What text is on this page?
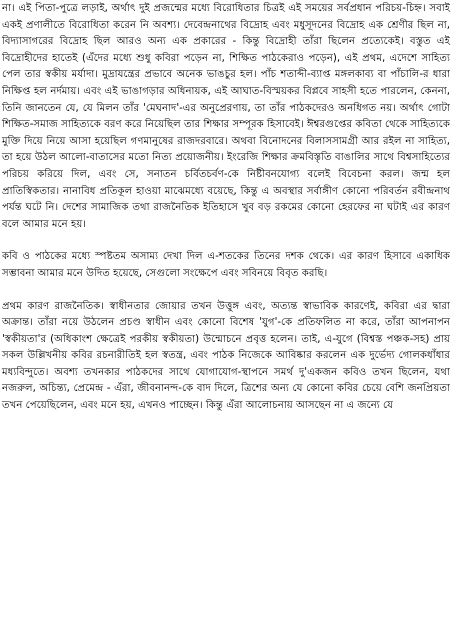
না। এই পিতা-পুত্রে লড়াই, অর্থাৎ দুই প্রজন্মের মধ্যে বিরোধিতার চিত্রই এই সময়ের সর্বপ্রধান পরিচয়-চিহ্ন। সবাই একই প্রণালীতে বিরোধিতা করেন নি অবশ্য। দেবেন্দ্রনাথের বিদ্রোহ এবং মধুসূদনের বিদ্রোহ এক শ্রেণীর ছিল না, বিদ্যাসাগরের বিদ্রোহ ছিল আরও অন্য এক প্রকারের - কিন্তু বিদ্রোহী তাঁরা ছিলেন প্রত্যেকেই। বস্তুত এই বিদ্রোহীদের হাতেই (এঁদের মধ্যে শুধু কবিরা পড়েন না, শিক্ষিত পাঠকেরাও পড়েন), এই প্রথম, এদেশে সাহিত্য পেল তার স্বকীয় মর্যাদা। মুদ্রাযন্ত্রের প্রভাবে অনেক ভাঙচুর হল। পাঁচ শতাব্দী-ব্যাপ্ত মঙ্গলকাব্য বা পাঁচালি-র ধারা নিক্ষিপ্ত হল নর্দমায়। এবং এই ভাঙাগড়ার অধিনায়ক, এই আঘাত-বিস্ময়কর বিপ্লবে সাহসী হতে পারলেন, কেননা, তিনি জানতেন যে, যে মিলন তাঁর 'মেঘনাদ'-এর অনুপ্রেরণায়, তা তাঁর পাঠকদেরও অনধিগত নয়। অর্থাৎ গোটা শিক্ষিত-সমাজ সাহিত্যকে বরণ করে নিয়েছিল তার শিক্ষার সম্পূরক হিসাবেই। ঈশ্বরগুপ্তের কবিতা থেকে সাহিত্যকে মুক্তি দিয়ে নিয়ে আসা হয়েছিল গণমানুষের রাজদরবারে। অথবা বিনোদনের বিলাসসামগ্রী আর রইল না সাহিত্য, তা হয়ে উঠল আলো-বাতাসের মতো নিত্য প্রয়োজনীয়। ইংরেজি শিক্ষার ক্রমবিস্তৃতি বাঙালির সাথে বিশ্বসাহিত্যের পরিচয় করিয়ে দিল, এবং সে, সনাতন চর্বিতচর্বণ-কে নিষ্টীবনযোগ্য বলেই বিবেচনা করল। জন্ম হল প্রাতিস্বিকতার। নানাবিধ প্রতিকূল হাওয়া মাঝেমধ্যে বয়েছে, কিন্তু এ অবস্থার সর্বাঙ্গীণ কোনো পরিবর্তন রবীন্দ্রনাথ পর্যন্ত ঘটে নি। দেশের সামাজিক তথা রাজনৈতিক ইতিহাসে খুব বড় রকমের কোনো হেরফের না ঘটাই এর কারণ বলে আমার মনে হয়।

কবি ও পাঠকের মধ্যে স্পষ্টতম অসাম্য দেখা দিল এ-শতকের তিনের দশক থেকে। এর কারণ হিসাবে একাধিক সম্ভাবনা আমার মনে উদিত হয়েছে, সেগুলো সংক্ষেপে এবং সবিনয়ে বিবৃত করছি।

প্রথম কারণ রাজনৈতিক। স্বাধীনতার জোয়ার তখন উত্তুঙ্গ এবং, অত্যন্ত স্বাভাবিক কারণেই, কবিরা এর দ্বারা অক্রান্ত। তাঁরা নয়ে উঠলেন প্রচণ্ড স্বাধীন এবং কোনো বিশেষ 'যুগ'-কে প্রতিফলিত না করে, তাঁরা আপনাপন 'স্বকীয়তা'র (অধিকাংশ ক্ষেত্রেই পরকীয় স্বকীয়তা) উন্মোচনে প্রবৃত্ত হলেন। তাই, এ-যুগে (বিশ্বস্ত পঞ্চক-সহ) প্রায় সকল উল্লিখনীয় কবির রচনারীতিই হল স্বতন্ত্র, এবং পাঠক নিজেকে আবিষ্কার করলেন এক দুর্ভেদ্য গোলকধাঁধার মধ্যবিন্দুতে। অবশ্য তখনকার পাঠকদের সাথে যোগাযোগ-স্থাপনে সমর্থ দু'একজন কবিও তখন ছিলেন, যথা নজরুল, অচিন্ত্য, প্রেমেন্দ্র - এঁরা, জীবনানন্দ-কে বাদ দিলে, ত্রিশের অন্য যে কোনো কবির চেয়ে বেশি জনপ্রিয়তা তখন পেয়েছিলেন, এবং মনে হয়, এখনও পাচ্ছেন। কিন্তু এঁরা আলোচনায় আসছেন না এ জন্যে যে
